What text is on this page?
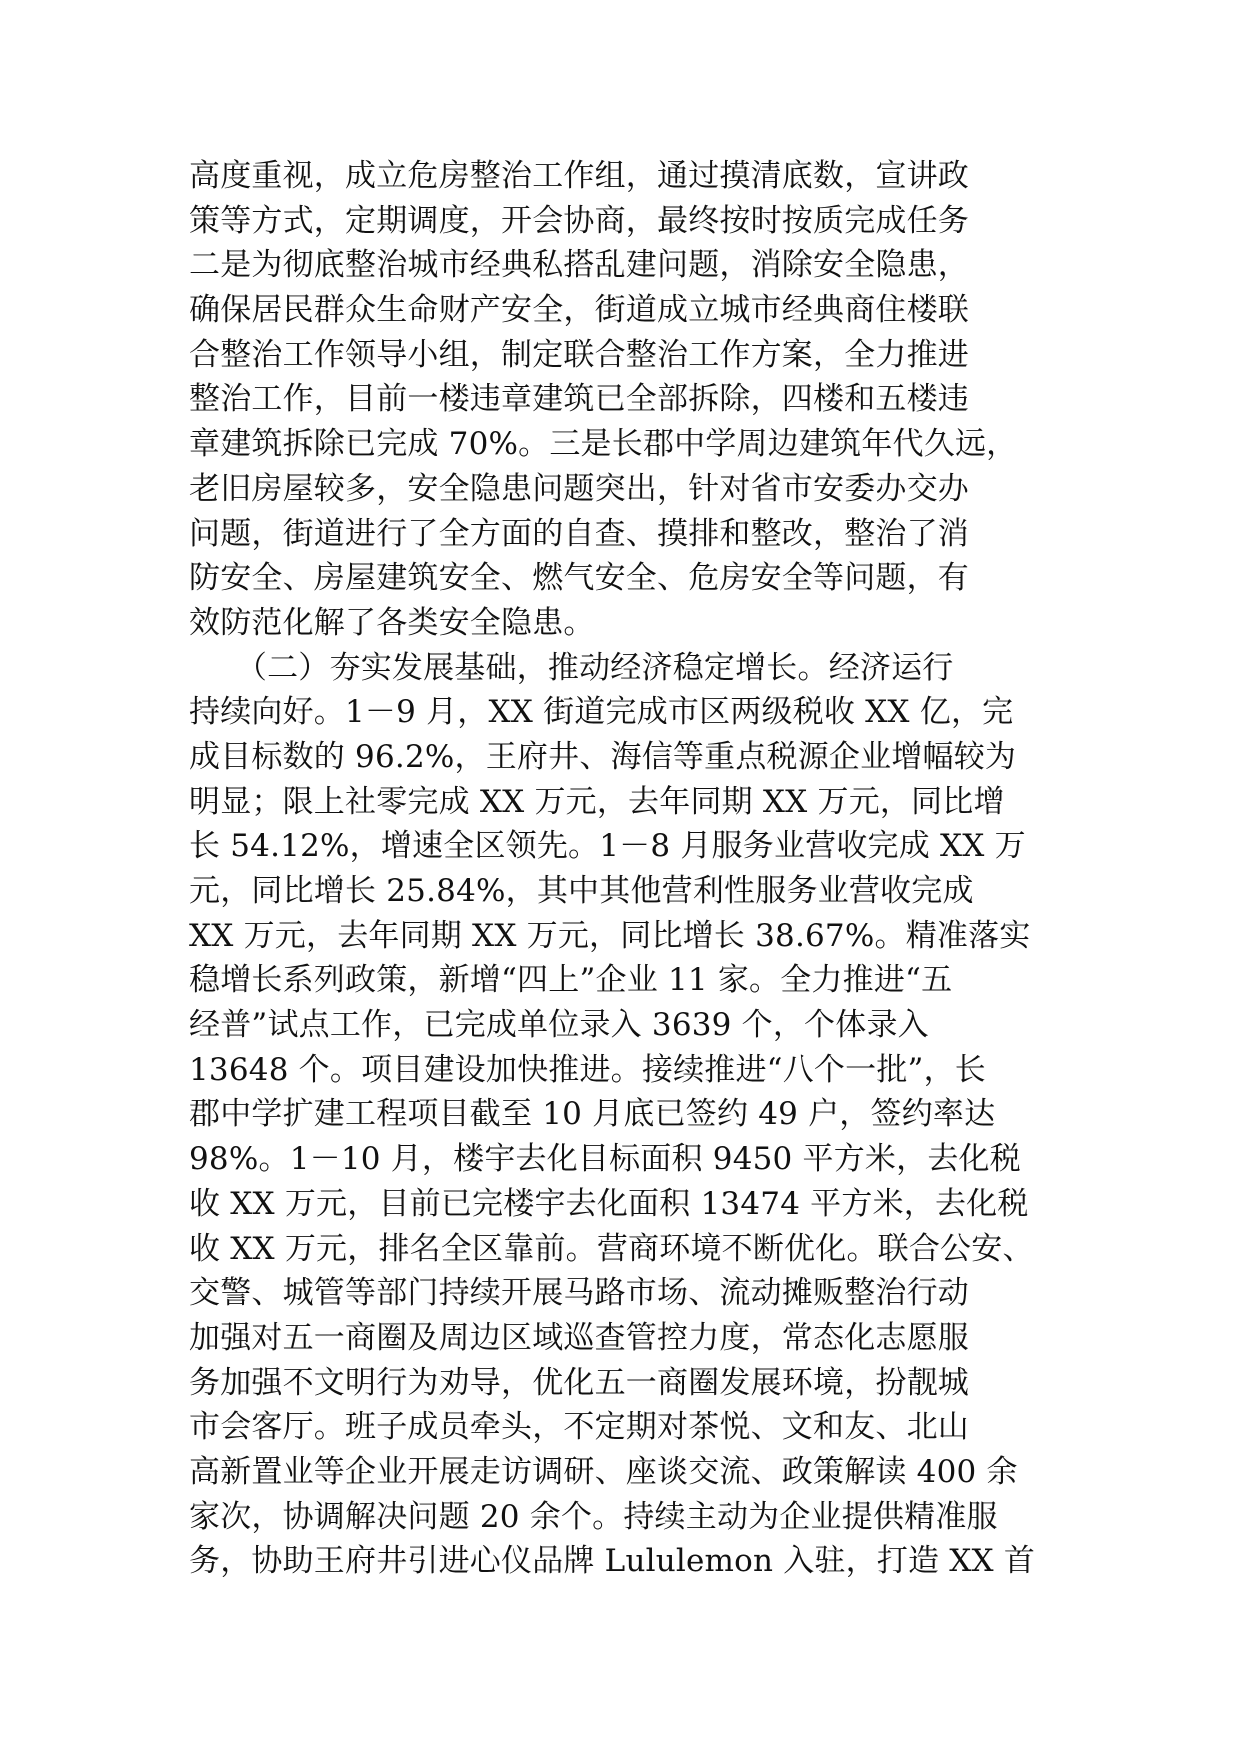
高度重视，成立危房整治工作组，通过摸清底数，宣讲政
策等方式，定期调度，开会协商，最终按时按质完成任务
二是为彻底整治城市经典私搭乱建问题，消除安全隐患，
确保居民群众生命财产安全，街道成立城市经典商住楼联
合整治工作领导小组，制定联合整治工作方案，全力推进
整治工作，目前一楼违章建筑已全部拆除，四楼和五楼违
章建筑拆除已完成 70%。三是长郡中学周边建筑年代久远，
老旧房屋较多，安全隐患问题突出，针对省市安委办交办
问题，街道进行了全方面的自查、摸排和整改，整治了消
防安全、房屋建筑安全、燃气安全、危房安全等问题，有
效防范化解了各类安全隐患。
　　（二）夯实发展基础，推动经济稳定增长。经济运行
持续向好。1－9 月，XX 街道完成市区两级税收 XX 亿，完
成目标数的 96.2%，王府井、海信等重点税源企业增幅较为
明显；限上社零完成 XX 万元，去年同期 XX 万元，同比增
长 54.12%，增速全区领先。1－8 月服务业营收完成 XX 万
元，同比增长 25.84%，其中其他营利性服务业营收完成
XX 万元，去年同期 XX 万元，同比增长 38.67%。精准落实
稳增长系列政策，新增“四上”企业 11 家。全力推进“五
经普”试点工作，已完成单位录入 3639 个，个体录入
13648 个。项目建设加快推进。接续推进“八个一批”，长
郡中学扩建工程项目截至 10 月底已签约 49 户，签约率达
98%。1－10 月，楼宇去化目标面积 9450 平方米，去化税
收 XX 万元，目前已完楼宇去化面积 13474 平方米，去化税
收 XX 万元，排名全区靠前。营商环境不断优化。联合公安、
交警、城管等部门持续开展马路市场、流动摊贩整治行动
加强对五一商圈及周边区域巡查管控力度，常态化志愿服
务加强不文明行为劝导，优化五一商圈发展环境，扮靓城
市会客厅。班子成员牵头，不定期对茶悦、文和友、北山
高新置业等企业开展走访调研、座谈交流、政策解读 400 余
家次，协调解决问题 20 余个。持续主动为企业提供精准服
务，协助王府井引进心仪品牌 Lululemon 入驻，打造 XX 首
